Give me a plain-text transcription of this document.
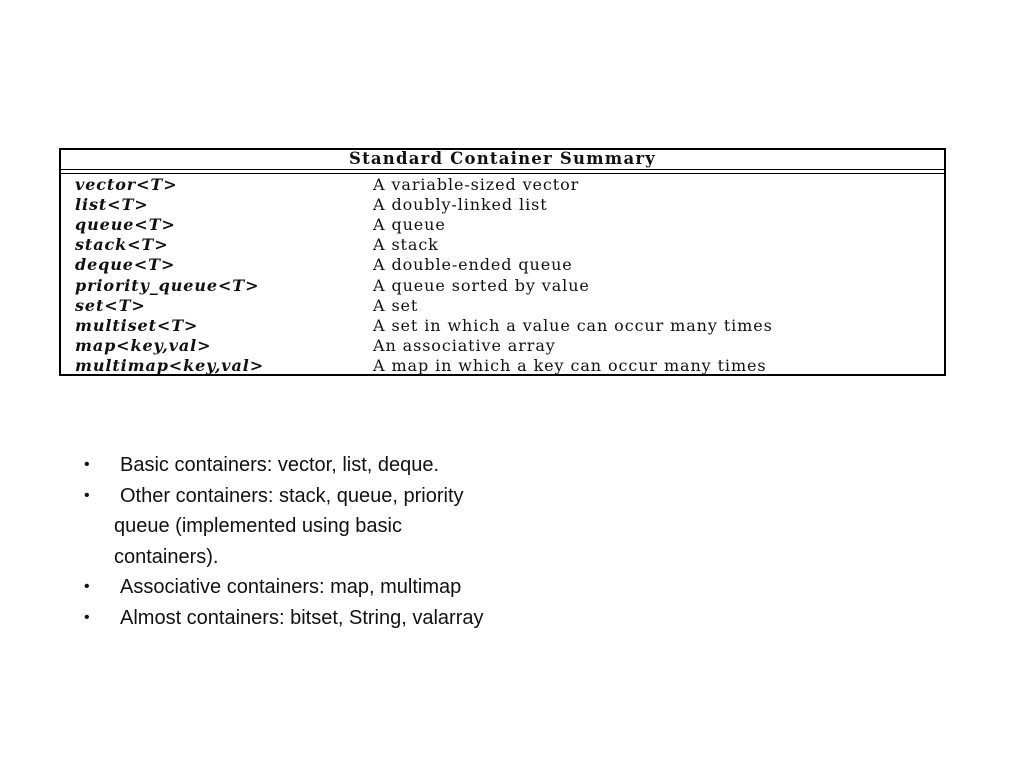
Standard Container Summary
vector<T>	A variable-sized vector
list<T>	A doubly-linked list
queue<T>	A queue
stack<T>	A stack
deque<T>	A double-ended queue
priority_queue<T>	A queue sorted by value
set<T>	A set
multiset<T>	A set in which a value can occur many times
map<key,val>	An associative array
multimap<key,val>	A map in which a key can occur many times
• Basic containers: vector, list, deque.
• Other containers: stack, queue, priority
queue (implemented using basic
containers).
• Associative containers: map, multimap
• Almost containers: bitset, String, valarray
